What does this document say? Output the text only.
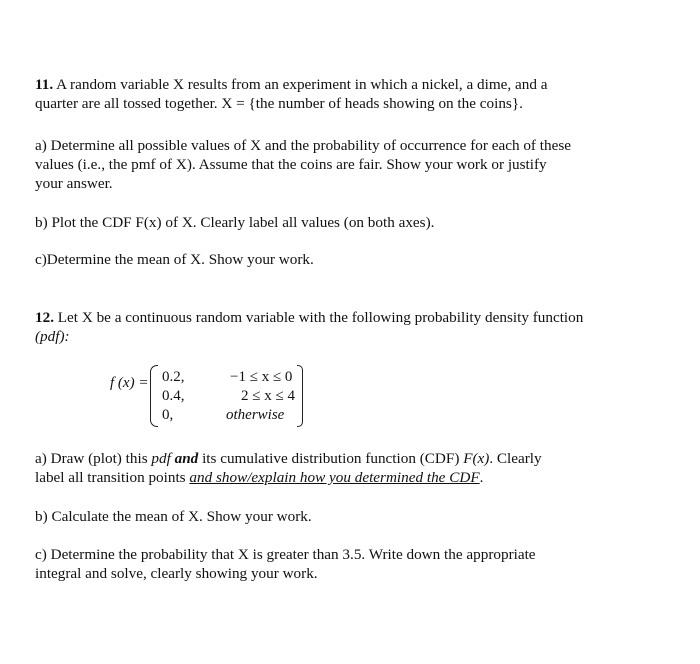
11. A random variable X results from an experiment in which a nickel, a dime, and a
quarter are all tossed together. X = {the number of heads showing on the coins}.
a) Determine all possible values of X and the probability of occurrence for each of these
values (i.e., the pmf of X). Assume that the coins are fair. Show your work or justify
your answer.
b) Plot the CDF F(x) of X. Clearly label all values (on both axes).
c)Determine the mean of X. Show your work.
12. Let X be a continuous random variable with the following probability density function
(pdf):
f (x) = 0.2,
0.4,
0,
−1 ≤ x ≤ 0
2 ≤ x ≤ 4
otherwise
a) Draw (plot) this pdf and its cumulative distribution function (CDF) F(x). Clearly
label all transition points and show/explain how you determined the CDF.
b) Calculate the mean of X. Show your work.
c) Determine the probability that X is greater than 3.5. Write down the appropriate
integral and solve, clearly showing your work.
